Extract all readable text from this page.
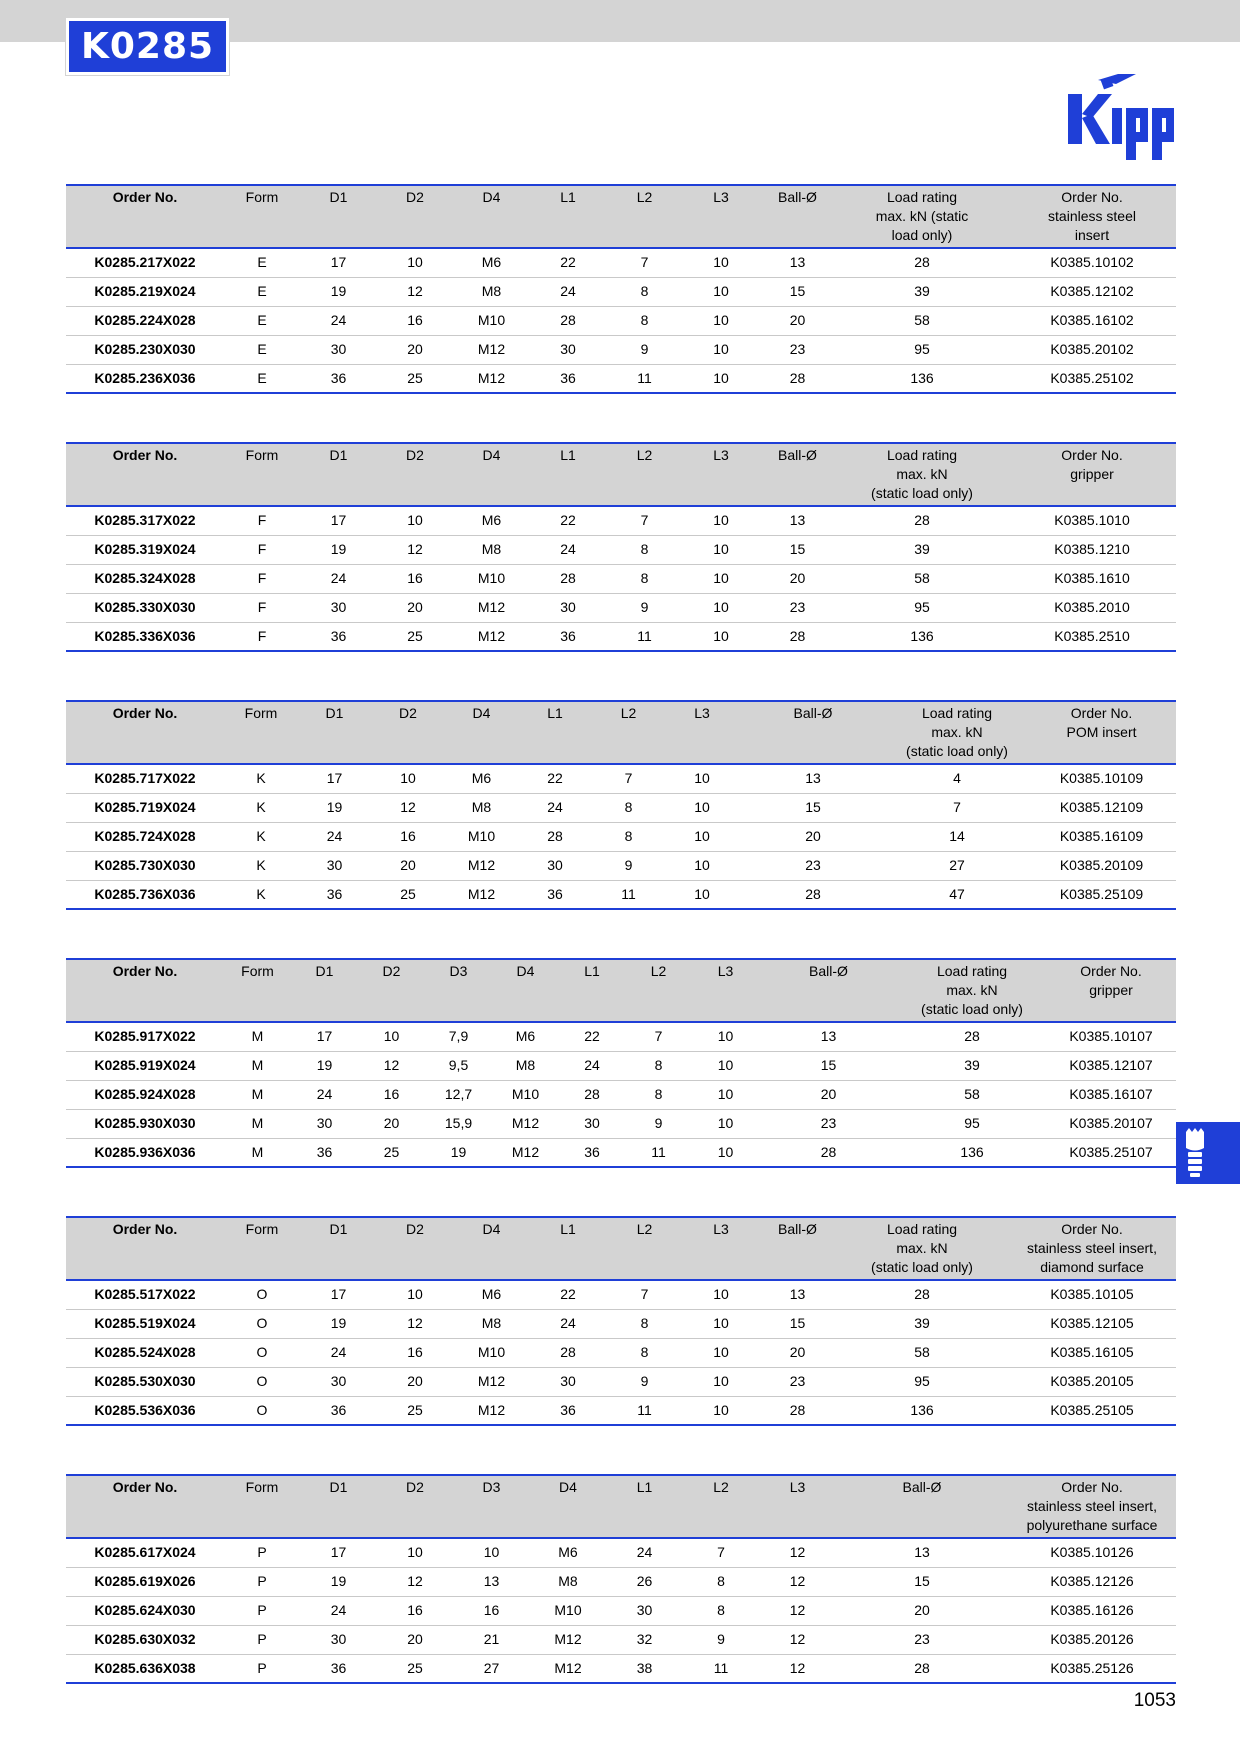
K0285
Order No.	Form	D1	D2	D4	L1	L2	L3	Ball-Ø	Load rating
max. kN (static
load only)	Order No.
stainless steel
insert
K0285.217X022	E	17	10	M6	22	7	10	13	28	K0385.10102
K0285.219X024	E	19	12	M8	24	8	10	15	39	K0385.12102
K0285.224X028	E	24	16	M10	28	8	10	20	58	K0385.16102
K0285.230X030	E	30	20	M12	30	9	10	23	95	K0385.20102
K0285.236X036	E	36	25	M12	36	11	10	28	136	K0385.25102
Order No.	Form	D1	D2	D4	L1	L2	L3	Ball-Ø	Load rating
max. kN
(static load only)	Order No.
gripper
K0285.317X022	F	17	10	M6	22	7	10	13	28	K0385.1010
K0285.319X024	F	19	12	M8	24	8	10	15	39	K0385.1210
K0285.324X028	F	24	16	M10	28	8	10	20	58	K0385.1610
K0285.330X030	F	30	20	M12	30	9	10	23	95	K0385.2010
K0285.336X036	F	36	25	M12	36	11	10	28	136	K0385.2510
Order No.	Form	D1	D2	D4	L1	L2	L3	Ball-Ø	Load rating
max. kN
(static load only)	Order No.
POM insert
K0285.717X022	K	17	10	M6	22	7	10	13	4	K0385.10109
K0285.719X024	K	19	12	M8	24	8	10	15	7	K0385.12109
K0285.724X028	K	24	16	M10	28	8	10	20	14	K0385.16109
K0285.730X030	K	30	20	M12	30	9	10	23	27	K0385.20109
K0285.736X036	K	36	25	M12	36	11	10	28	47	K0385.25109
Order No.	Form	D1	D2	D3	D4	L1	L2	L3	Ball-Ø	Load rating
max. kN
(static load only)	Order No.
gripper
K0285.917X022	M	17	10	7,9	M6	22	7	10	13	28	K0385.10107
K0285.919X024	M	19	12	9,5	M8	24	8	10	15	39	K0385.12107
K0285.924X028	M	24	16	12,7	M10	28	8	10	20	58	K0385.16107
K0285.930X030	M	30	20	15,9	M12	30	9	10	23	95	K0385.20107
K0285.936X036	M	36	25	19	M12	36	11	10	28	136	K0385.25107
Order No.	Form	D1	D2	D4	L1	L2	L3	Ball-Ø	Load rating
max. kN
(static load only)	Order No.
stainless steel insert,
diamond surface
K0285.517X022	O	17	10	M6	22	7	10	13	28	K0385.10105
K0285.519X024	O	19	12	M8	24	8	10	15	39	K0385.12105
K0285.524X028	O	24	16	M10	28	8	10	20	58	K0385.16105
K0285.530X030	O	30	20	M12	30	9	10	23	95	K0385.20105
K0285.536X036	O	36	25	M12	36	11	10	28	136	K0385.25105
Order No.	Form	D1	D2	D3	D4	L1	L2	L3	Ball-Ø	Order No.
stainless steel insert,
polyurethane surface
K0285.617X024	P	17	10	10	M6	24	7	12	13	K0385.10126
K0285.619X026	P	19	12	13	M8	26	8	12	15	K0385.12126
K0285.624X030	P	24	16	16	M10	30	8	12	20	K0385.16126
K0285.630X032	P	30	20	21	M12	32	9	12	23	K0385.20126
K0285.636X038	P	36	25	27	M12	38	11	12	28	K0385.25126
1053
